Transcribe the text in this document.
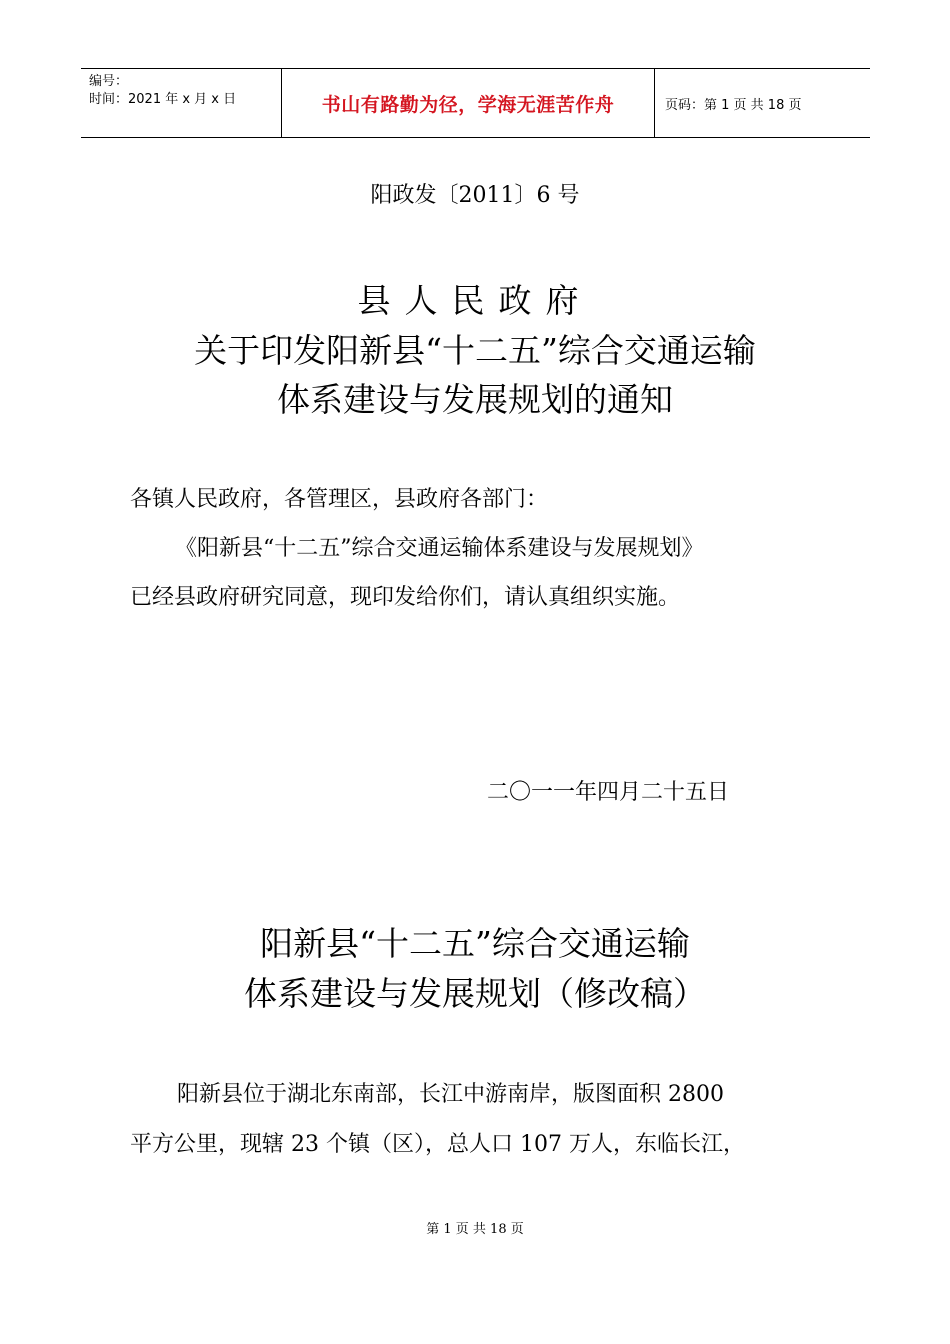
编号：
时间：2021 年 x 月 x 日	书山有路勤为径，学海无涯苦作舟	页码：第 1 页 共 18 页
阳政发〔2011〕6 号
县人民政府
关于印发阳新县“十二五”综合交通运输
体系建设与发展规划的通知
各镇人民政府，各管理区，县政府各部门：
《阳新县“十二五”综合交通运输体系建设与发展规划》
已经县政府研究同意，现印发给你们，请认真组织实施。
二〇一一年四月二十五日
阳新县“十二五”综合交通运输
体系建设与发展规划（修改稿）
阳新县位于湖北东南部，长江中游南岸，版图面积 2800
平方公里，现辖 23 个镇（区），总人口 107 万人，东临长江，
第 1 页 共 18 页
